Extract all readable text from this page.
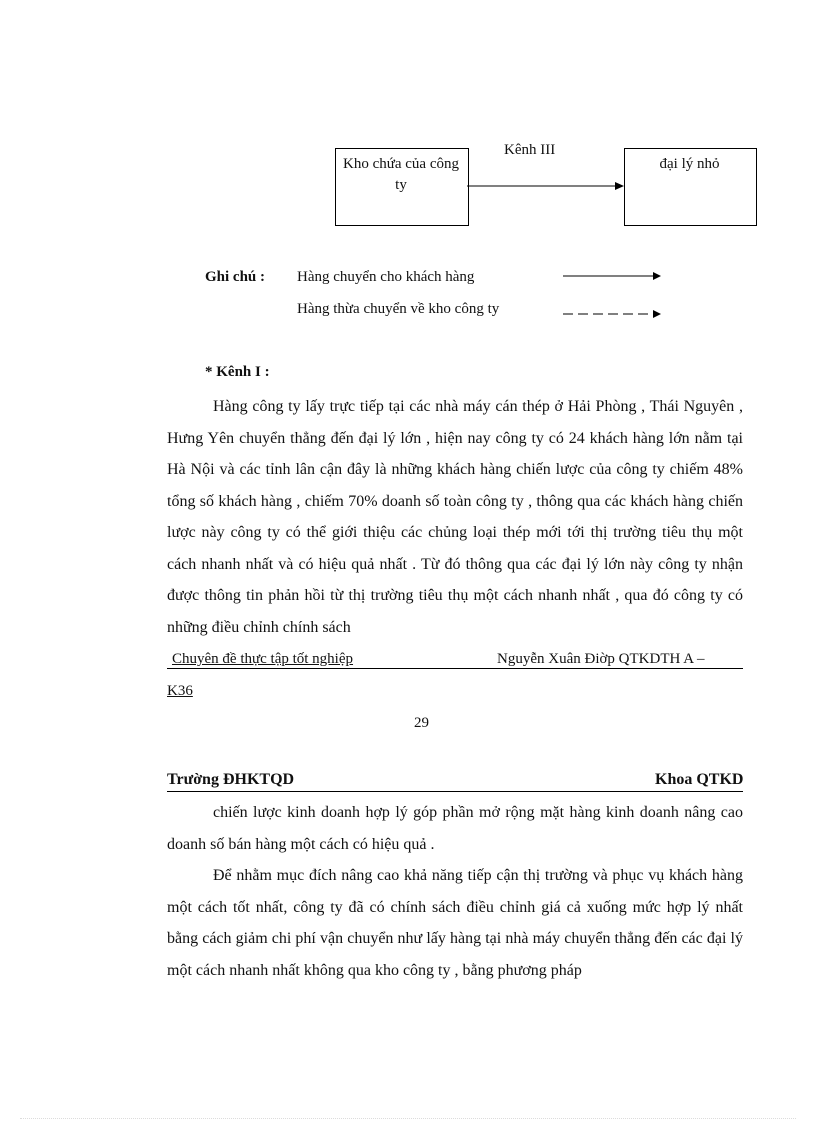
Kho chứa của công ty
đại lý nhỏ
Kênh III
Ghi chú : Hàng chuyển cho khách hàng
Hàng thừa chuyển về kho công ty
* Kênh I :

Hàng công ty lấy trực tiếp tại các nhà máy cán thép ở Hải Phòng , Thái Nguyên , Hưng Yên chuyển thẳng đến đại lý lớn , hiện nay công ty có 24 khách hàng lớn nằm tại Hà Nội và các tỉnh lân cận đây là những khách hàng chiến lược của công ty chiếm 48% tổng số khách hàng , chiếm 70% doanh số toàn công ty , thông qua các khách hàng chiến lược này công ty có thể giới thiệu các chủng loại thép mới tới thị trường tiêu thụ một cách nhanh nhất và có hiệu quả nhất . Từ đó thông qua các đại lý lớn này công ty nhận được thông tin phản hồi từ thị trường tiêu thụ một cách nhanh nhất , qua đó công ty có những điều chỉnh chính sách

Chuyên đề thực tập tốt nghiệp	Nguyễn Xuân Điờp QTKDTH A –
K36
29
Trường ĐHKTQD	Khoa QTKD

chiến lược kinh doanh hợp lý góp phần mở rộng mặt hàng kinh doanh nâng cao doanh số bán hàng một cách có hiệu quả .

Để nhằm mục đích nâng cao khả năng tiếp cận thị trường và phục vụ khách hàng một cách tốt nhất, công ty đã có chính sách điều chỉnh giá cả xuống mức hợp lý nhất bằng cách giảm chi phí vận chuyển như lấy hàng tại nhà máy chuyển thẳng đến các đại lý một cách nhanh nhất không qua kho công ty , bằng phương pháp
